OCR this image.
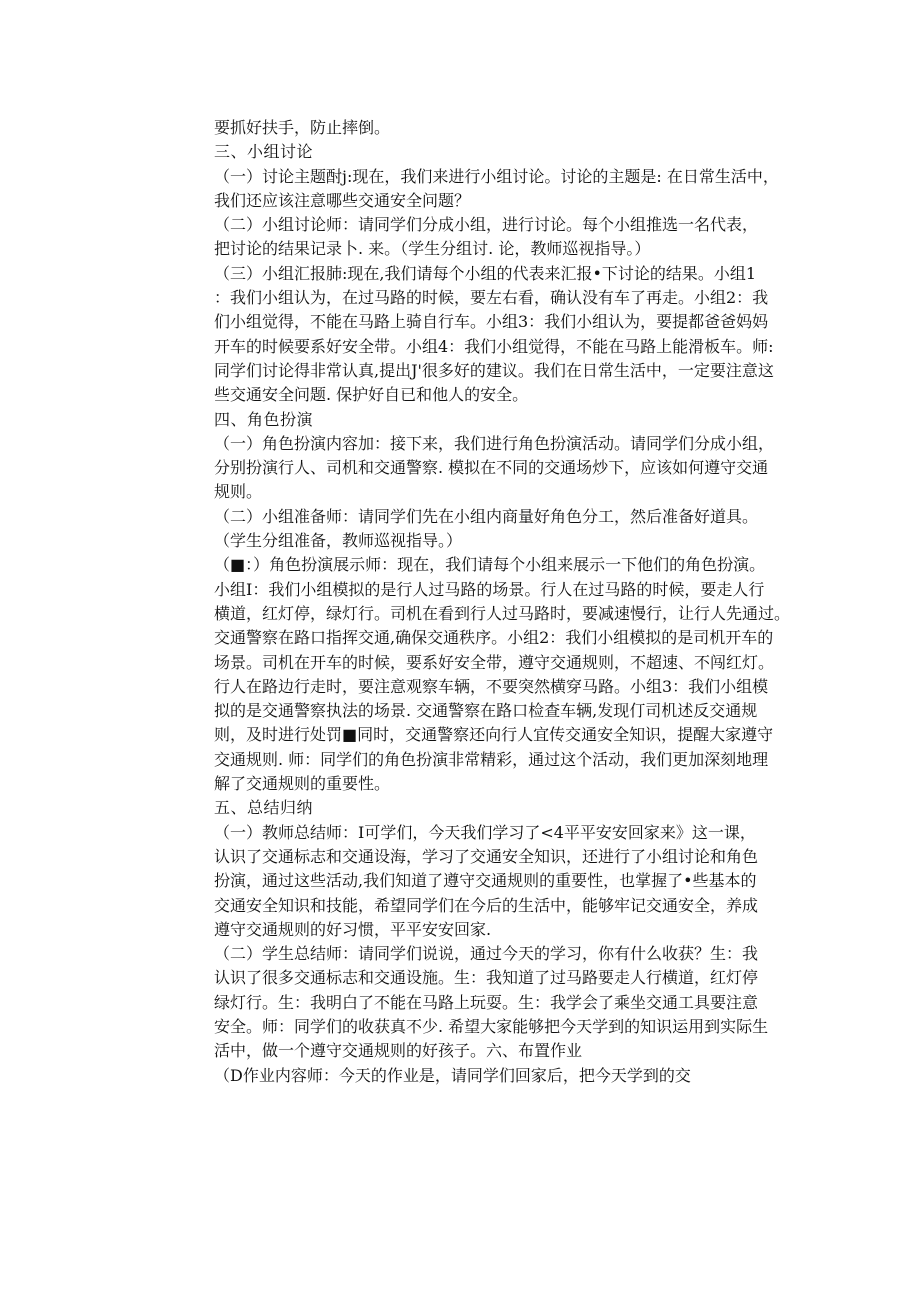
要抓好扶手，防止摔倒。
三、小组讨论
（一）讨论主题酎j:现在，我们来进行小组讨论。讨论的主题是: 在日常生活中，
我们还应该注意哪些交通安全问题？
（二）小组讨论师：请同学们分成小组，进行讨论。每个小组推选一名代表，
把讨论的结果记录卜. 来。（学生分组讨. 论，教师巡视指导。）
（三）小组汇报肺:现在,我们请每个小组的代表来汇报•下讨论的结果。小组1
：我们小组认为，在过马路的时候，要左右看，确认没有车了再走。小组2：我
们小组觉得，不能在马路上骑自行车。小组3：我们小组认为，要提都爸爸妈妈
开车的时候要系好安全带。小组4：我们小组觉得，不能在马路上能滑板车。师:
同学们讨论得非常认真,提出J'很多好的建议。我们在日常生活中，一定要注意这
些交通安全问题. 保护好自已和他人的安全。
四、角色扮演
（一）角色扮演内容加：接下来，我们进行角色扮演活动。请同学们分成小组，
分别扮演行人、司机和交通警察. 模拟在不同的交通场炒下，应该如何遵守交通
规则。
（二）小组准备师：请同学们先在小组内商量好角色分工，然后准备好道具。
（学生分组准备，教师巡视指导。）
（■：）角色扮演展示师：现在，我们请每个小组来展示一下他们的角色扮演。
小组I：我们小组模拟的是行人过马路的场景。行人在过马路的时候，要走人行
横道，红灯停，绿灯行。司机在看到行人过马路时，要减速慢行，让行人先通过。
交通警察在路口指挥交通,确保交通秩序。小组2：我们小组模拟的是司机开车的
场景。司机在开车的时候，要系好安全带，遵守交通规则，不超速、不闯红灯。
行人在路边行走时，要注意观察车辆，不要突然横穿马路。小组3：我们小组模
拟的是交通警察执法的场景. 交通警察在路口检查车辆,发现仃司机述反交通规
则，及时进行处罚■同时，交通警察还向行人宜传交通安全知识，提醒大家遵守
交通规则. 师：同学们的角色扮演非常精彩，通过这个活动，我们更加深刻地理
解了交通规则的重要性。
五、总结归纳
（一）教师总结师：I可学们，今天我们学习了<4平平安安回家来》这一课，
认识了交通标志和交通设海，学习了交通安全知识，还进行了小组讨论和角色
扮演，通过这些活动,我们知道了遵守交通规则的重要性，也掌握了•些基本的
交通安全知识和技能，希望同学们在今后的生活中，能够牢记交通安全，养成
遵守交通规则的好习惯，平平安安回家.
（二）学生总结师：请同学们说说，通过今天的学习，你有什么收获？生：我
认识了很多交通标志和交通设施。生：我知道了过马路要走人行横道，红灯停
绿灯行。生：我明白了不能在马路上玩耍。生：我学会了乘坐交通工具要注意
安全。师：同学们的收获真不少. 希望大家能够把今天学到的知识运用到实际生
活中，做一个遵守交通规则的好孩子。六、布置作业
（D作业内容师：今天的作业是，请同学们回家后，把今天学到的交
